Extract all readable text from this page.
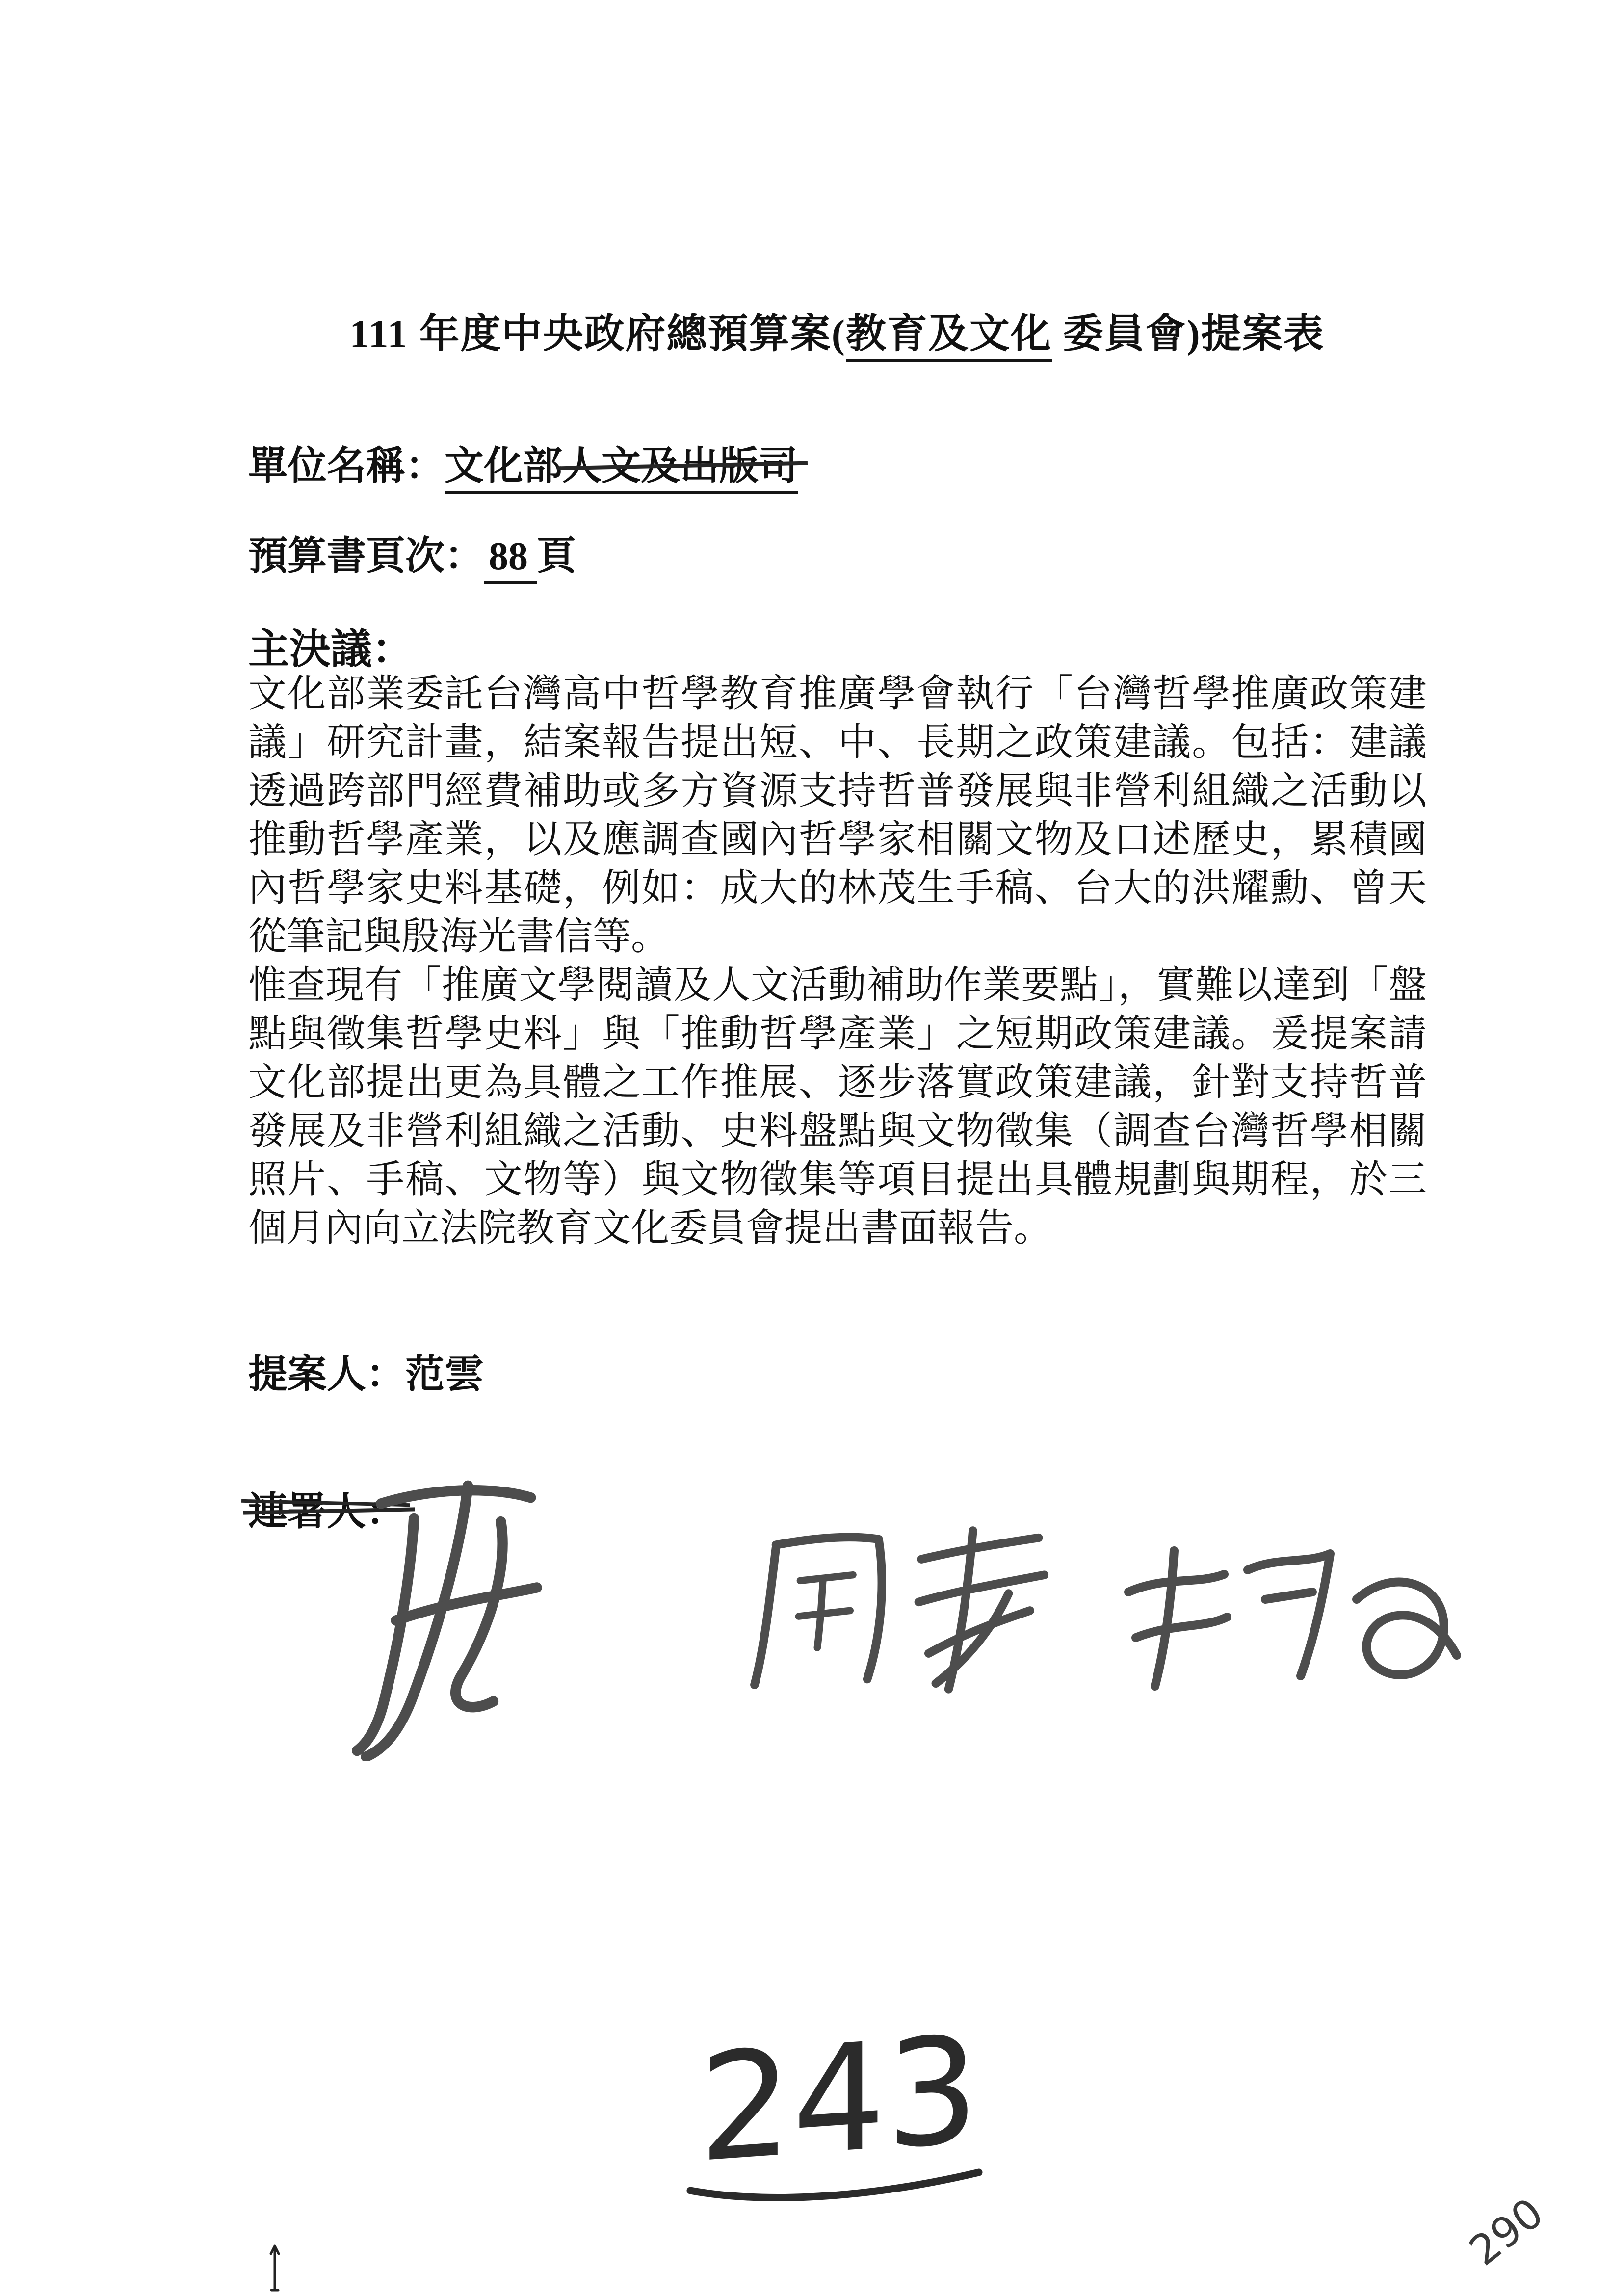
111 年度中央政府總預算案(教育及文化 委員會)提案表
單位名稱：文化部人文及出版司
預算書頁次： 88 頁
主決議：

文化部業委託台灣高中哲學教育推廣學會執行「台灣哲學推廣政策建議」研究計畫，結案報告提出短、中、長期之政策建議。包括：建議透過跨部門經費補助或多方資源支持哲普發展與非營利組織之活動以推動哲學產業，以及應調查國內哲學家相關文物及口述歷史，累積國內哲學家史料基礎，例如：成大的林茂生手稿、台大的洪耀勳、曾天從筆記與殷海光書信等。

惟查現有「推廣文學閱讀及人文活動補助作業要點」，實難以達到「盤點與徵集哲學史料」與「推動哲學產業」之短期政策建議。爰提案請文化部提出更為具體之工作推展、逐步落實政策建議，針對支持哲普發展及非營利組織之活動、史料盤點與文物徵集（調查台灣哲學相關照片、手稿、文物等）與文物徵集等項目提出具體規劃與期程，於三個月內向立法院教育文化委員會提出書面報告。

提案人：范雲
連署人：
243
290
